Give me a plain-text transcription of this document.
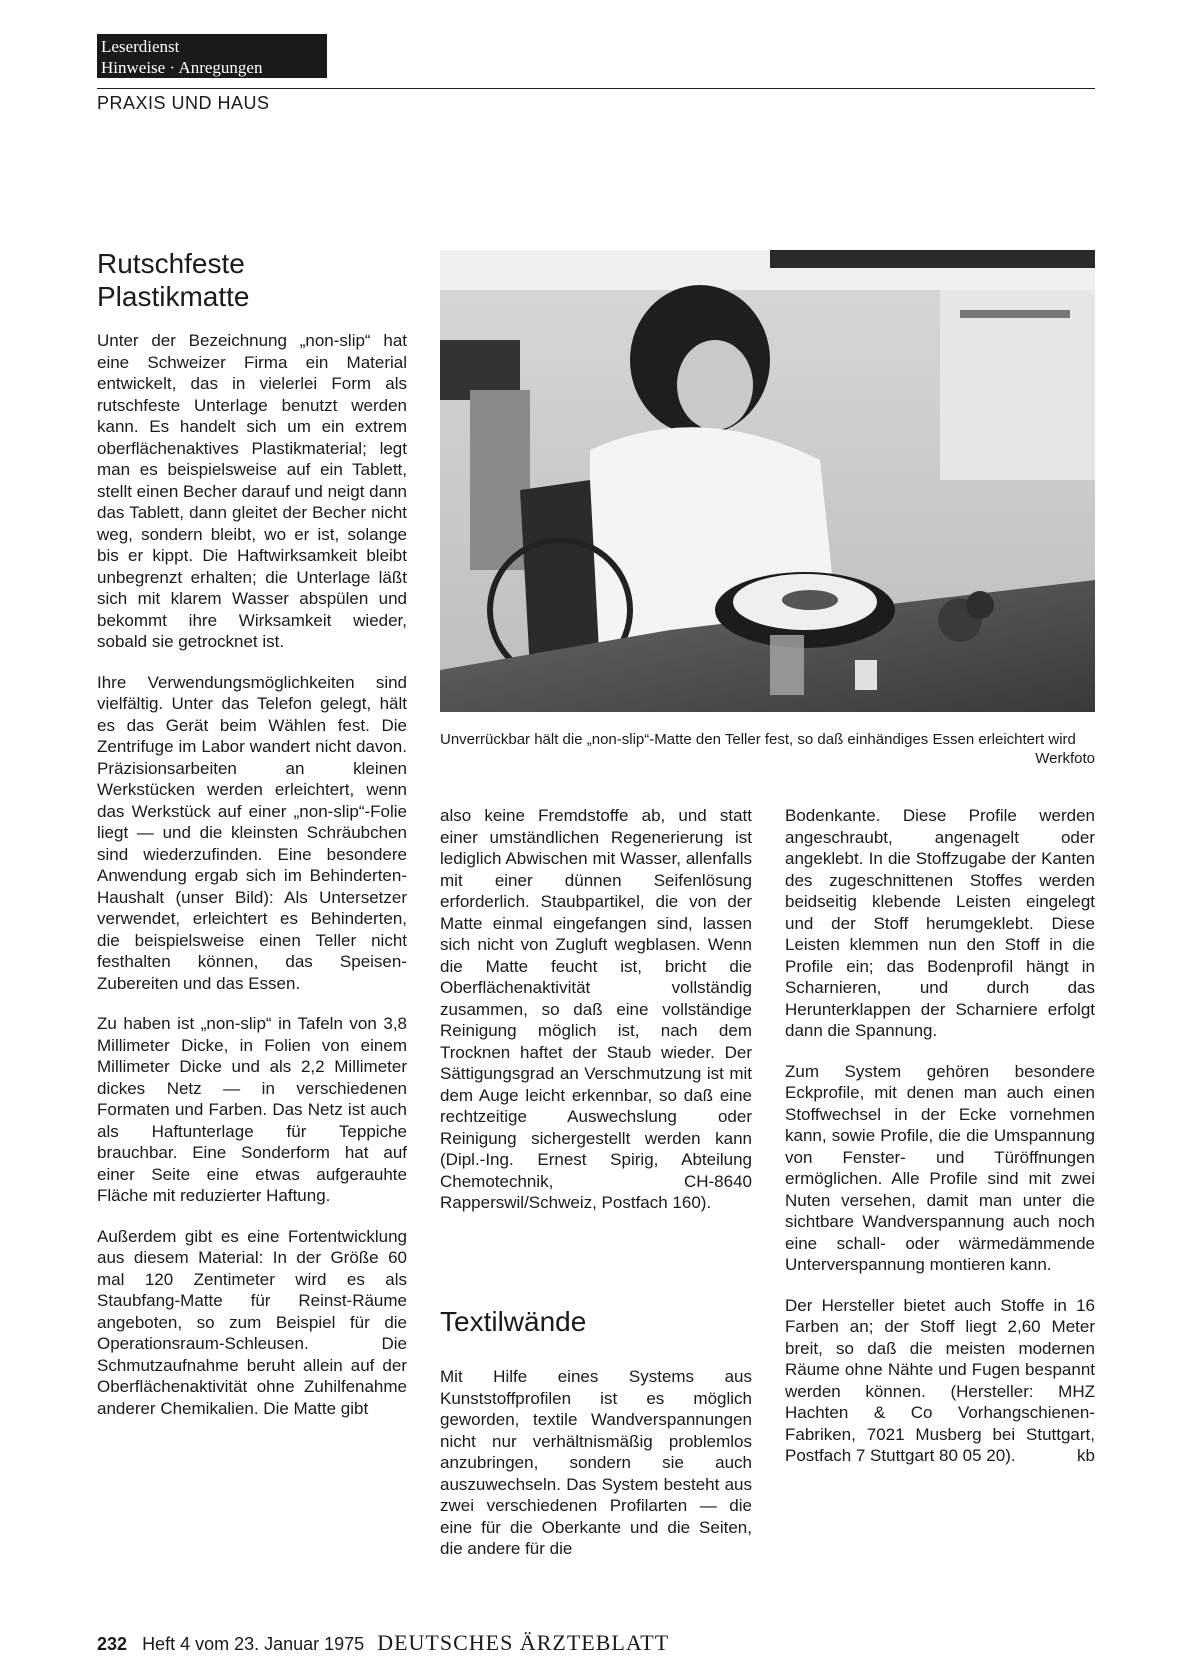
Leserdienst
Hinweise · Anregungen
PRAXIS UND HAUS
Rutschfeste
Plastikmatte

Unter der Bezeichnung „non-slip“ hat eine Schweizer Firma ein Material entwickelt, das in vielerlei Form als rutschfeste Unterlage benutzt werden kann. Es handelt sich um ein extrem oberflächenaktives Plastikmaterial; legt man es beispielsweise auf ein Tablett, stellt einen Becher darauf und neigt dann das Tablett, dann gleitet der Becher nicht weg, sondern bleibt, wo er ist, solange bis er kippt. Die Haftwirksamkeit bleibt unbegrenzt erhalten; die Unterlage läßt sich mit klarem Wasser abspülen und bekommt ihre Wirksamkeit wieder, sobald sie getrocknet ist.

Ihre Verwendungsmöglichkeiten sind vielfältig. Unter das Telefon gelegt, hält es das Gerät beim Wählen fest. Die Zentrifuge im Labor wandert nicht davon. Präzisionsarbeiten an kleinen Werkstücken werden erleichtert, wenn das Werkstück auf einer „non-slip“-Folie liegt — und die kleinsten Schräubchen sind wiederzufinden. Eine besondere Anwendung ergab sich im Behinderten-Haushalt (unser Bild): Als Untersetzer verwendet, erleichtert es Behinderten, die beispielsweise einen Teller nicht festhalten können, das Speisen-Zubereiten und das Essen.

Zu haben ist „non-slip“ in Tafeln von 3,8 Millimeter Dicke, in Folien von einem Millimeter Dicke und als 2,2 Millimeter dickes Netz — in verschiedenen Formaten und Farben. Das Netz ist auch als Haftunterlage für Teppiche brauchbar. Eine Sonderform hat auf einer Seite eine etwas aufgerauhte Fläche mit reduzierter Haftung.

Außerdem gibt es eine Fortentwicklung aus diesem Material: In der Größe 60 mal 120 Zentimeter wird es als Staubfang-Matte für Reinst-Räume angeboten, so zum Beispiel für die Operationsraum-Schleusen. Die Schmutzaufnahme beruht allein auf der Oberflächenaktivität ohne Zuhilfenahme anderer Chemikalien. Die Matte gibt

Unverrückbar hält die „non-slip“-Matte den Teller fest, so daß einhändiges Essen erleichtert wird
Werkfoto

also keine Fremdstoffe ab, und statt einer umständlichen Regenerierung ist lediglich Abwischen mit Wasser, allenfalls mit einer dünnen Seifenlösung erforderlich. Staubpartikel, die von der Matte einmal eingefangen sind, lassen sich nicht von Zugluft wegblasen. Wenn die Matte feucht ist, bricht die Oberflächenaktivität vollständig zusammen, so daß eine vollständige Reinigung möglich ist, nach dem Trocknen haftet der Staub wieder. Der Sättigungsgrad an Verschmutzung ist mit dem Auge leicht erkennbar, so daß eine rechtzeitige Auswechslung oder Reinigung sichergestellt werden kann (Dipl.-Ing. Ernest Spirig, Abteilung Chemotechnik, CH-8640 Rapperswil/Schweiz, Postfach 160).

Textilwände

Mit Hilfe eines Systems aus Kunststoffprofilen ist es möglich geworden, textile Wandverspannungen nicht nur verhältnismäßig problemlos anzubringen, sondern sie auch auszuwechseln. Das System besteht aus zwei verschiedenen Profilarten — die eine für die Oberkante und die Seiten, die andere für die

Bodenkante. Diese Profile werden angeschraubt, angenagelt oder angeklebt. In die Stoffzugabe der Kanten des zugeschnittenen Stoffes werden beidseitig klebende Leisten eingelegt und der Stoff herumgeklebt. Diese Leisten klemmen nun den Stoff in die Profile ein; das Bodenprofil hängt in Scharnieren, und durch das Herunterklappen der Scharniere erfolgt dann die Spannung.

Zum System gehören besondere Eckprofile, mit denen man auch einen Stoffwechsel in der Ecke vornehmen kann, sowie Profile, die die Umspannung von Fenster- und Türöffnungen ermöglichen. Alle Profile sind mit zwei Nuten versehen, damit man unter die sichtbare Wandverspannung auch noch eine schall- oder wärmedämmende Unterverspannung montieren kann.

Der Hersteller bietet auch Stoffe in 16 Farben an; der Stoff liegt 2,60 Meter breit, so daß die meisten modernen Räume ohne Nähte und Fugen bespannt werden können. (Hersteller: MHZ Hachten & Co Vorhangschienen-Fabriken, 7021 Musberg bei Stuttgart, Postfach 7 Stuttgart 80 05 20).	kb

232 Heft 4 vom 23. Januar 1975 DEUTSCHES ÄRZTEBLATT
